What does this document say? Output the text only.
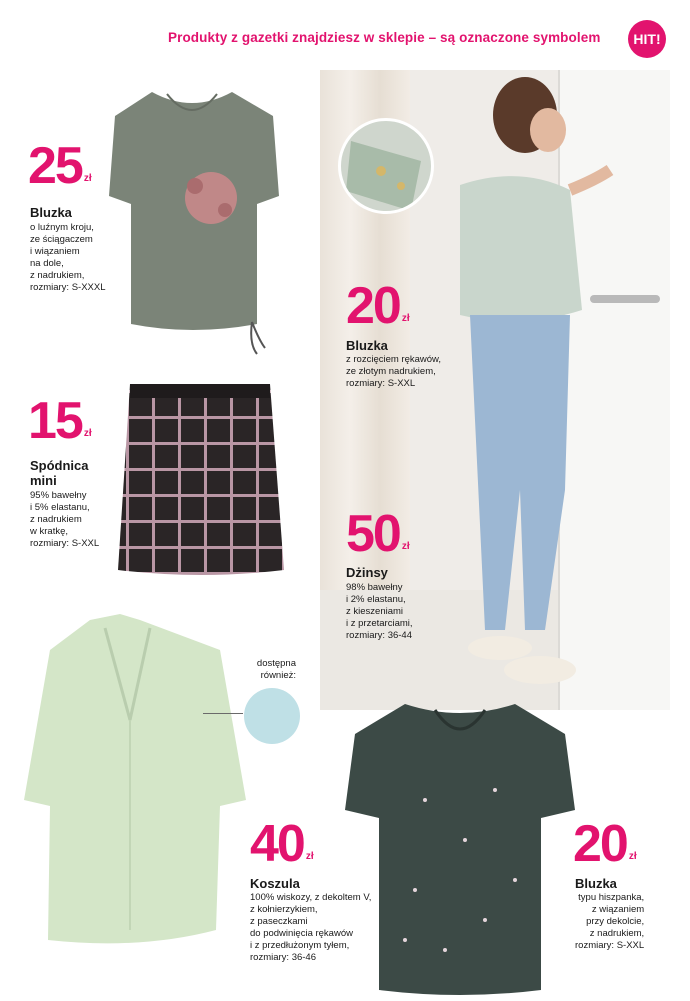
Produkty z gazetki znajdziesz w sklepie – są oznaczone symbolem	HIT!
25 $_{zł}$
Bluzka
o luźnym kroju,
ze ściągaczem
i wiązaniem
na dole,
z nadrukiem,
rozmiary: S-XXXL
15 $_{zł}$
Spódnica
mini
95% bawełny
i 5% elastanu,
z nadrukiem
w kratkę,
rozmiary: S-XXL
20 $_{zł}$
Bluzka
z rozcięciem rękawów,
ze złotym nadrukiem,
rozmiary: S-XXL
50 $_{zł}$
Dżinsy
98% bawełny
i 2% elastanu,
z kieszeniami
i z przetarciami,
rozmiary: 36-44
40 $_{zł}$
Koszula
100% wiskozy, z dekoltem V,
z kołnierzykiem,
z paseczkami
do podwinięcia rękawów
i z przedłużonym tyłem,
rozmiary: 36-46
20 $_{zł}$
Bluzka
typu hiszpanka,
z wiązaniem
przy dekolcie,
z nadrukiem,
rozmiary: S-XXL
dostępna
również:
